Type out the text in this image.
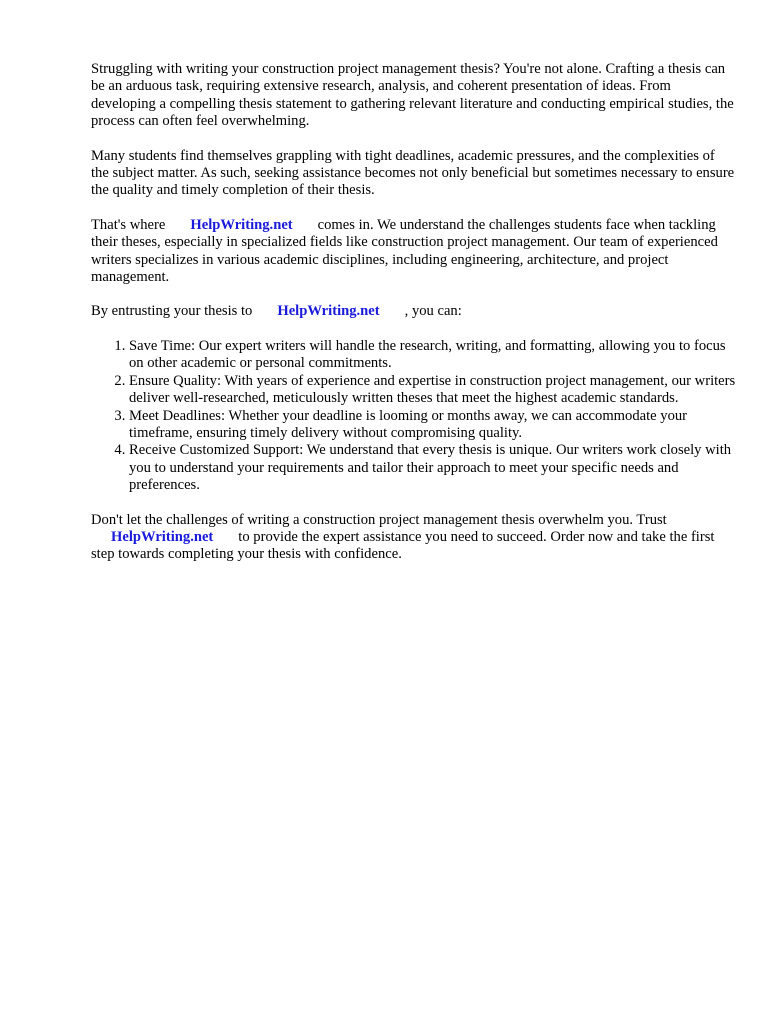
Struggling with writing your construction project management thesis? You're not alone. Crafting a thesis can be an arduous task, requiring extensive research, analysis, and coherent presentation of ideas. From developing a compelling thesis statement to gathering relevant literature and conducting empirical studies, the process can often feel overwhelming.

Many students find themselves grappling with tight deadlines, academic pressures, and the complexities of the subject matter. As such, seeking assistance becomes not only beneficial but sometimes necessary to ensure the quality and timely completion of their thesis.

That's where HelpWriting.net comes in. We understand the challenges students face when tackling their theses, especially in specialized fields like construction project management. Our team of experienced writers specializes in various academic disciplines, including engineering, architecture, and project management.

By entrusting your thesis to HelpWriting.net , you can:

1. Save Time: Our expert writers will handle the research, writing, and formatting, allowing you to focus on other academic or personal commitments.
2. Ensure Quality: With years of experience and expertise in construction project management, our writers deliver well-researched, meticulously written theses that meet the highest academic standards.
3. Meet Deadlines: Whether your deadline is looming or months away, we can accommodate your timeframe, ensuring timely delivery without compromising quality.
4. Receive Customized Support: We understand that every thesis is unique. Our writers work closely with you to understand your requirements and tailor their approach to meet your specific needs and preferences.

Don't let the challenges of writing a construction project management thesis overwhelm you. Trust
HelpWriting.net to provide the expert assistance you need to succeed. Order now and take the first step towards completing your thesis with confidence.
